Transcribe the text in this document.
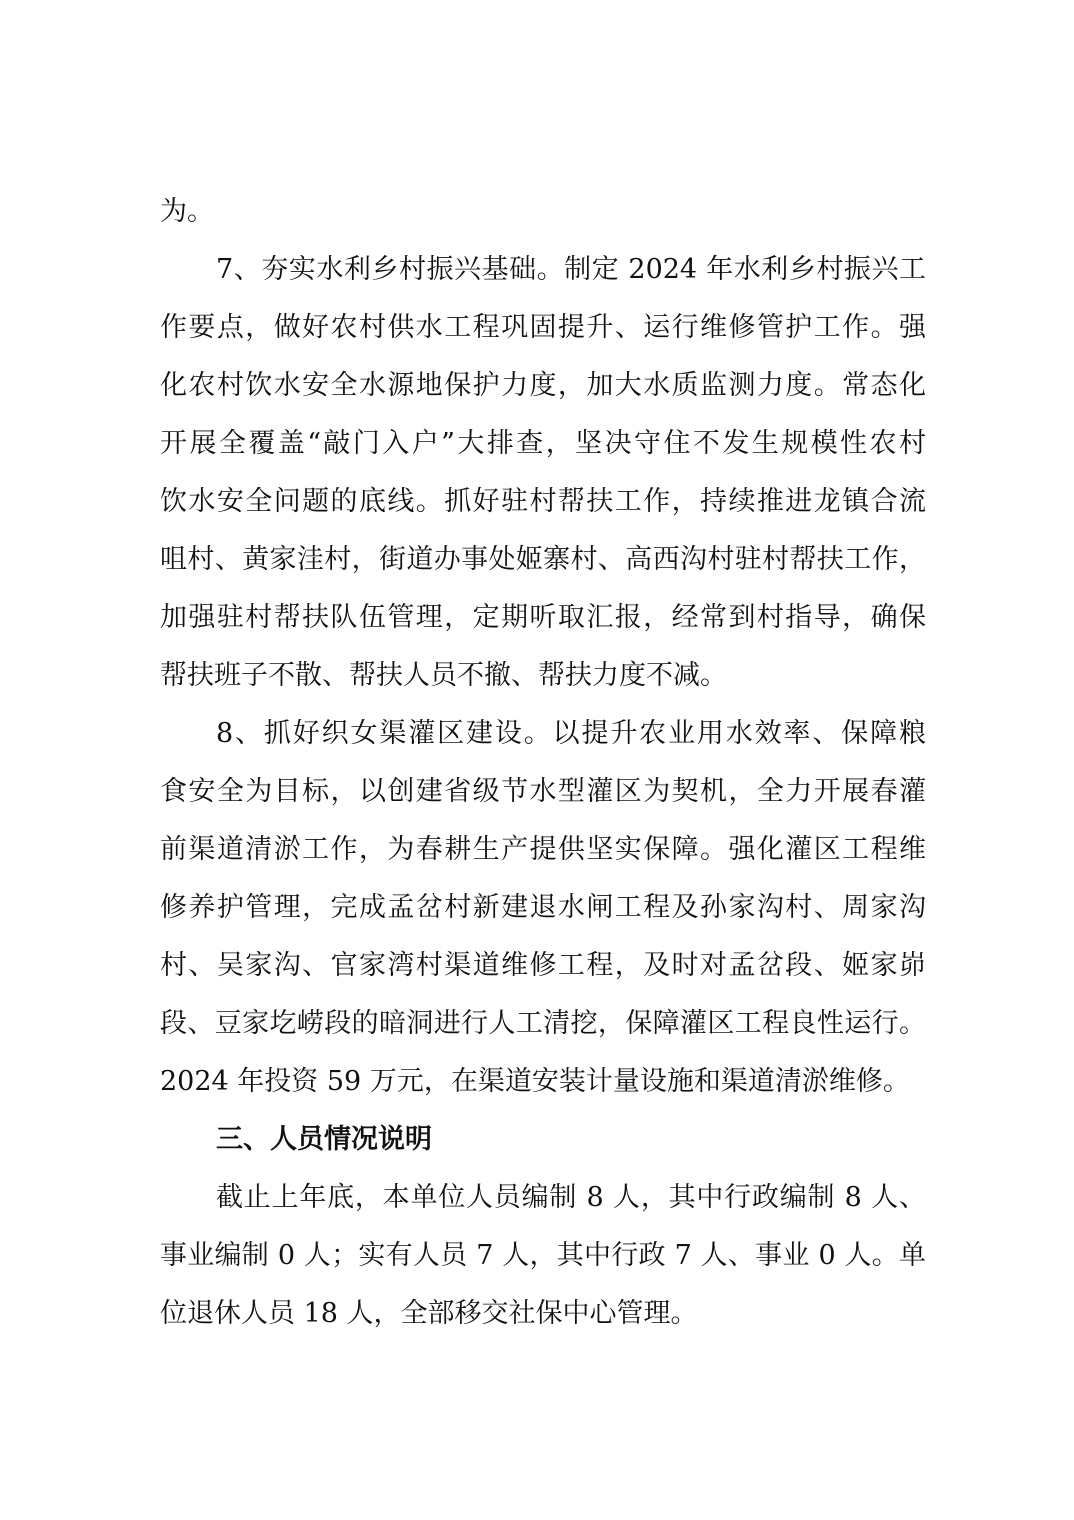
为。
7、夯实水利乡村振兴基础。制定 2024 年水利乡村振兴工
作要点，做好农村供水工程巩固提升、运行维修管护工作。强
化农村饮水安全水源地保护力度，加大水质监测力度。常态化
开展全覆盖“敲门入户”大排查，坚决守住不发生规模性农村
饮水安全问题的底线。抓好驻村帮扶工作，持续推进龙镇合流
咀村、黄家洼村，街道办事处姬寨村、高西沟村驻村帮扶工作，
加强驻村帮扶队伍管理，定期听取汇报，经常到村指导，确保
帮扶班子不散、帮扶人员不撤、帮扶力度不减。
8、抓好织女渠灌区建设。以提升农业用水效率、保障粮
食安全为目标，以创建省级节水型灌区为契机，全力开展春灌
前渠道清淤工作，为春耕生产提供坚实保障。强化灌区工程维
修养护管理，完成孟岔村新建退水闸工程及孙家沟村、周家沟
村、吴家沟、官家湾村渠道维修工程，及时对孟岔段、姬家峁
段、豆家圪崂段的暗洞进行人工清挖，保障灌区工程良性运行。
2024 年投资 59 万元，在渠道安装计量设施和渠道清淤维修。
三、人员情况说明
截止上年底，本单位人员编制 8 人，其中行政编制 8 人、
事业编制 0 人；实有人员 7 人，其中行政 7 人、事业 0 人。单
位退休人员 18 人，全部移交社保中心管理。
